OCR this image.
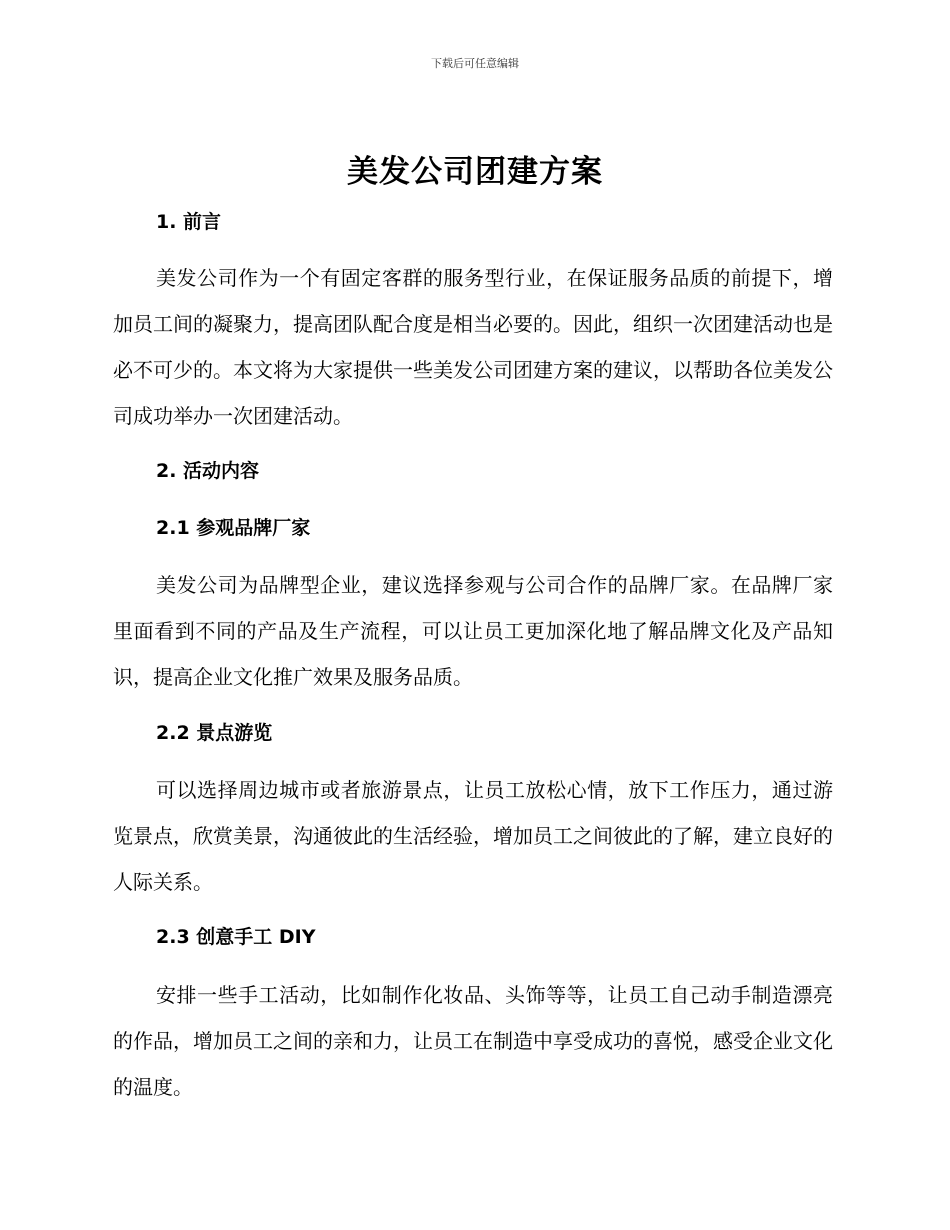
下载后可任意编辑
美发公司团建方案
1. 前言
美发公司作为一个有固定客群的服务型行业，在保证服务品质的前提下，增加员工间的凝聚力，提高团队配合度是相当必要的。因此，组织一次团建活动也是必不可少的。本文将为大家提供一些美发公司团建方案的建议，以帮助各位美发公司成功举办一次团建活动。
2. 活动内容
2.1 参观品牌厂家
美发公司为品牌型企业，建议选择参观与公司合作的品牌厂家。在品牌厂家里面看到不同的产品及生产流程，可以让员工更加深化地了解品牌文化及产品知识，提高企业文化推广效果及服务品质。
2.2 景点游览
可以选择周边城市或者旅游景点，让员工放松心情，放下工作压力，通过游览景点，欣赏美景，沟通彼此的生活经验，增加员工之间彼此的了解，建立良好的人际关系。
2.3 创意手工 DIY
安排一些手工活动，比如制作化妆品、头饰等等，让员工自己动手制造漂亮的作品，增加员工之间的亲和力，让员工在制造中享受成功的喜悦，感受企业文化的温度。
